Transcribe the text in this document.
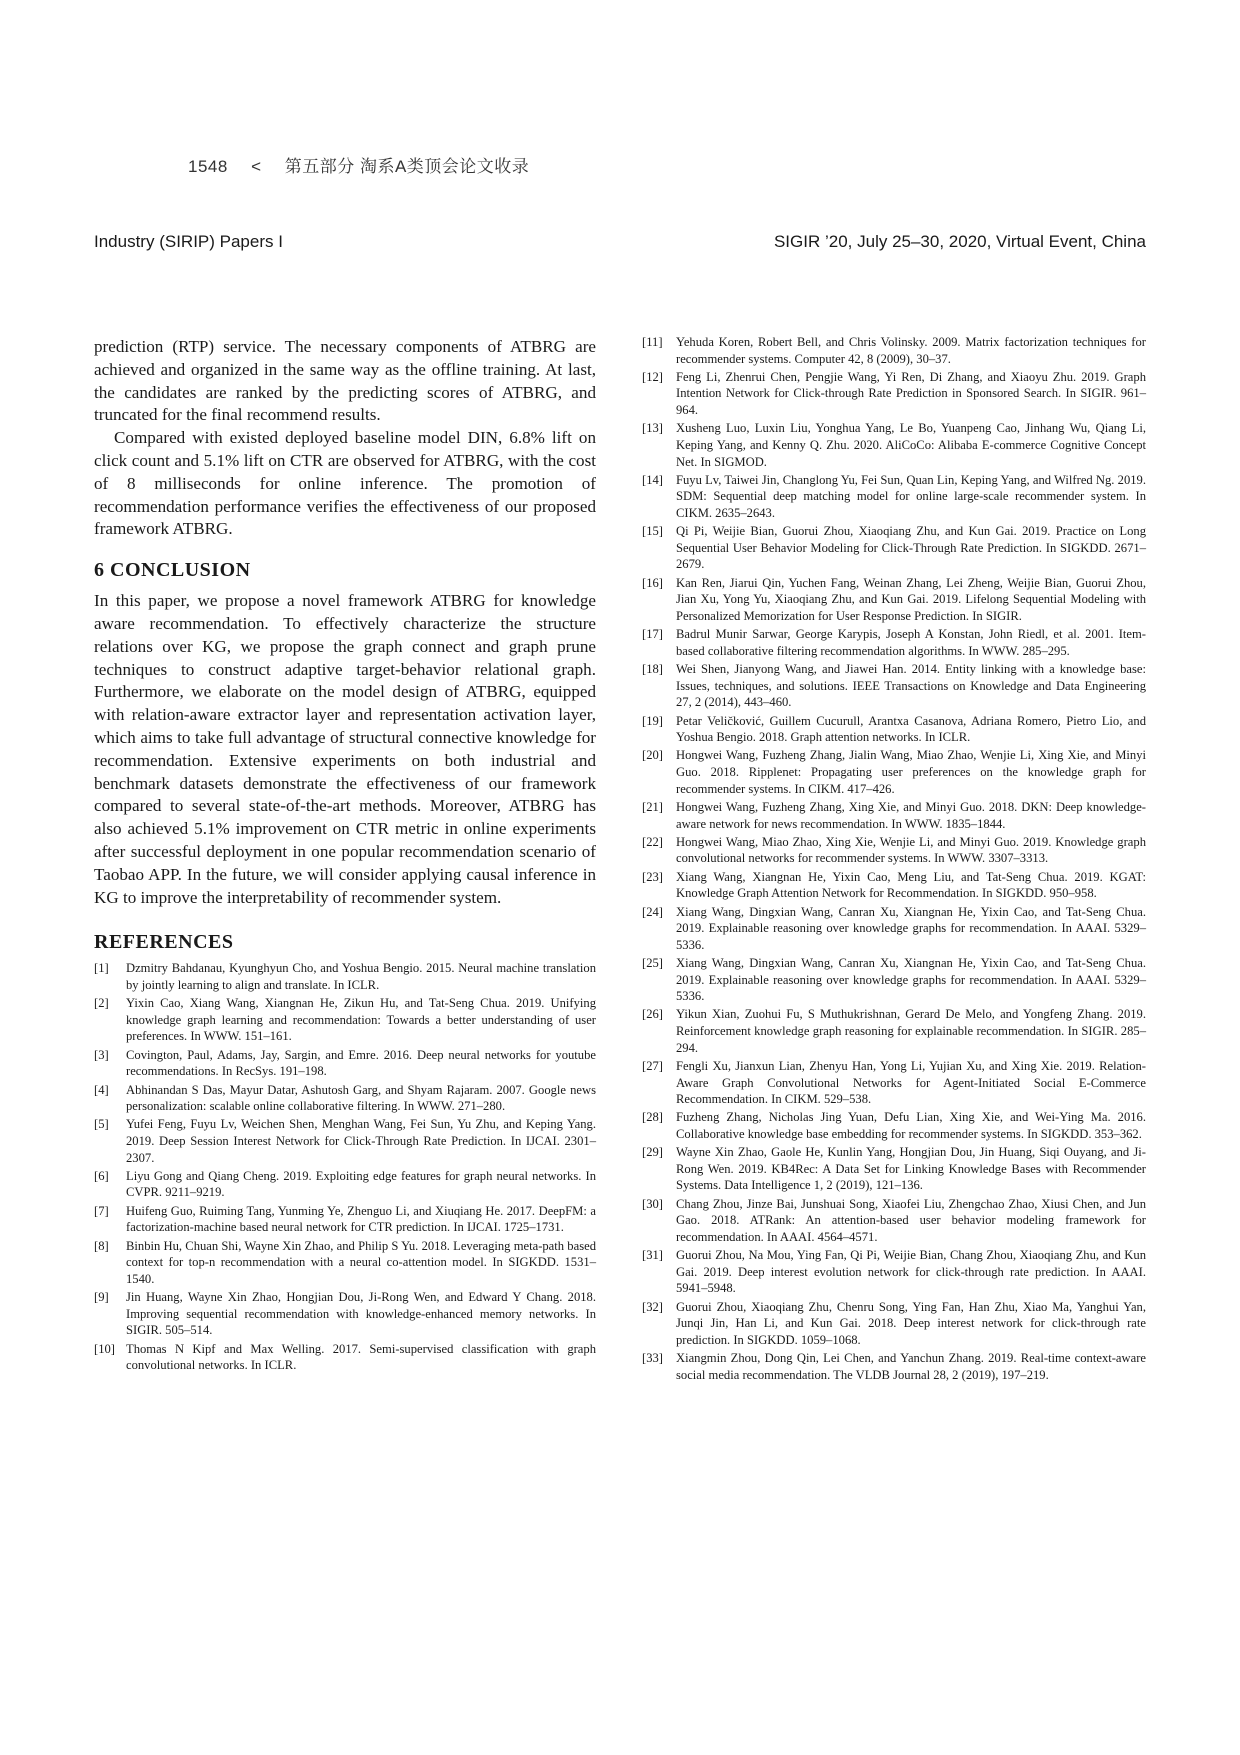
1548 < 第五部分 淘系A类顶会论文收录
Industry (SIRIP) Papers I	SIGIR ’20, July 25–30, 2020, Virtual Event, China

prediction (RTP) service. The necessary components of ATBRG are achieved and organized in the same way as the offline training. At last, the candidates are ranked by the predicting scores of ATBRG, and truncated for the final recommend results.

Compared with existed deployed baseline model DIN, 6.8% lift on click count and 5.1% lift on CTR are observed for ATBRG, with the cost of 8 milliseconds for online inference. The promotion of recommendation performance verifies the effectiveness of our proposed framework ATBRG.

6 CONCLUSION

In this paper, we propose a novel framework ATBRG for knowledge aware recommendation. To effectively characterize the structure relations over KG, we propose the graph connect and graph prune techniques to construct adaptive target-behavior relational graph. Furthermore, we elaborate on the model design of ATBRG, equipped with relation-aware extractor layer and representation activation layer, which aims to take full advantage of structural connective knowledge for recommendation. Extensive experiments on both industrial and benchmark datasets demonstrate the effectiveness of our framework compared to several state-of-the-art methods. Moreover, ATBRG has also achieved 5.1% improvement on CTR metric in online experiments after successful deployment in one popular recommendation scenario of Taobao APP. In the future, we will consider applying causal inference in KG to improve the interpretability of recommender system.

REFERENCES
[1]	Dzmitry Bahdanau, Kyunghyun Cho, and Yoshua Bengio. 2015. Neural machine translation by jointly learning to align and translate. In ICLR.
[2]	Yixin Cao, Xiang Wang, Xiangnan He, Zikun Hu, and Tat-Seng Chua. 2019. Unifying knowledge graph learning and recommendation: Towards a better understanding of user preferences. In WWW. 151–161.
[3]	Covington, Paul, Adams, Jay, Sargin, and Emre. 2016. Deep neural networks for youtube recommendations. In RecSys. 191–198.
[4]	Abhinandan S Das, Mayur Datar, Ashutosh Garg, and Shyam Rajaram. 2007. Google news personalization: scalable online collaborative filtering. In WWW. 271–280.
[5]	Yufei Feng, Fuyu Lv, Weichen Shen, Menghan Wang, Fei Sun, Yu Zhu, and Keping Yang. 2019. Deep Session Interest Network for Click-Through Rate Prediction. In IJCAI. 2301–2307.
[6]	Liyu Gong and Qiang Cheng. 2019. Exploiting edge features for graph neural networks. In CVPR. 9211–9219.
[7]	Huifeng Guo, Ruiming Tang, Yunming Ye, Zhenguo Li, and Xiuqiang He. 2017. DeepFM: a factorization-machine based neural network for CTR prediction. In IJCAI. 1725–1731.
[8]	Binbin Hu, Chuan Shi, Wayne Xin Zhao, and Philip S Yu. 2018. Leveraging meta-path based context for top-n recommendation with a neural co-attention model. In SIGKDD. 1531–1540.
[9]	Jin Huang, Wayne Xin Zhao, Hongjian Dou, Ji-Rong Wen, and Edward Y Chang. 2018. Improving sequential recommendation with knowledge-enhanced memory networks. In SIGIR. 505–514.
[10] Thomas N Kipf and Max Welling. 2017. Semi-supervised classification with graph convolutional networks. In ICLR.
[11]	Yehuda Koren, Robert Bell, and Chris Volinsky. 2009. Matrix factorization techniques for recommender systems. Computer 42, 8 (2009), 30–37.
[12]	Feng Li, Zhenrui Chen, Pengjie Wang, Yi Ren, Di Zhang, and Xiaoyu Zhu. 2019. Graph Intention Network for Click-through Rate Prediction in Sponsored Search. In SIGIR. 961–964.
[13]	Xusheng Luo, Luxin Liu, Yonghua Yang, Le Bo, Yuanpeng Cao, Jinhang Wu, Qiang Li, Keping Yang, and Kenny Q. Zhu. 2020. AliCoCo: Alibaba E-commerce Cognitive Concept Net. In SIGMOD.
[14]	Fuyu Lv, Taiwei Jin, Changlong Yu, Fei Sun, Quan Lin, Keping Yang, and Wilfred Ng. 2019. SDM: Sequential deep matching model for online large-scale recommender system. In CIKM. 2635–2643.
[15]	Qi Pi, Weijie Bian, Guorui Zhou, Xiaoqiang Zhu, and Kun Gai. 2019. Practice on Long Sequential User Behavior Modeling for Click-Through Rate Prediction. In SIGKDD. 2671–2679.
[16]	Kan Ren, Jiarui Qin, Yuchen Fang, Weinan Zhang, Lei Zheng, Weijie Bian, Guorui Zhou, Jian Xu, Yong Yu, Xiaoqiang Zhu, and Kun Gai. 2019. Lifelong Sequential Modeling with Personalized Memorization for User Response Prediction. In SIGIR.
[17]	Badrul Munir Sarwar, George Karypis, Joseph A Konstan, John Riedl, et al. 2001. Item-based collaborative filtering recommendation algorithms. In WWW. 285–295.
[18]	Wei Shen, Jianyong Wang, and Jiawei Han. 2014. Entity linking with a knowledge base: Issues, techniques, and solutions. IEEE Transactions on Knowledge and Data Engineering 27, 2 (2014), 443–460.
[19]	Petar Veličković, Guillem Cucurull, Arantxa Casanova, Adriana Romero, Pietro Lio, and Yoshua Bengio. 2018. Graph attention networks. In ICLR.
[20]	Hongwei Wang, Fuzheng Zhang, Jialin Wang, Miao Zhao, Wenjie Li, Xing Xie, and Minyi Guo. 2018. Ripplenet: Propagating user preferences on the knowledge graph for recommender systems. In CIKM. 417–426.
[21]	Hongwei Wang, Fuzheng Zhang, Xing Xie, and Minyi Guo. 2018. DKN: Deep knowledge-aware network for news recommendation. In WWW. 1835–1844.
[22]	Hongwei Wang, Miao Zhao, Xing Xie, Wenjie Li, and Minyi Guo. 2019. Knowledge graph convolutional networks for recommender systems. In WWW. 3307–3313.
[23]	Xiang Wang, Xiangnan He, Yixin Cao, Meng Liu, and Tat-Seng Chua. 2019. KGAT: Knowledge Graph Attention Network for Recommendation. In SIGKDD. 950–958.
[24]	Xiang Wang, Dingxian Wang, Canran Xu, Xiangnan He, Yixin Cao, and Tat-Seng Chua. 2019. Explainable reasoning over knowledge graphs for recommendation. In AAAI. 5329–5336.
[25]	Xiang Wang, Dingxian Wang, Canran Xu, Xiangnan He, Yixin Cao, and Tat-Seng Chua. 2019. Explainable reasoning over knowledge graphs for recommendation. In AAAI. 5329–5336.
[26]	Yikun Xian, Zuohui Fu, S Muthukrishnan, Gerard De Melo, and Yongfeng Zhang. 2019. Reinforcement knowledge graph reasoning for explainable recommendation. In SIGIR. 285–294.
[27]	Fengli Xu, Jianxun Lian, Zhenyu Han, Yong Li, Yujian Xu, and Xing Xie. 2019. Relation-Aware Graph Convolutional Networks for Agent-Initiated Social E-Commerce Recommendation. In CIKM. 529–538.
[28]	Fuzheng Zhang, Nicholas Jing Yuan, Defu Lian, Xing Xie, and Wei-Ying Ma. 2016. Collaborative knowledge base embedding for recommender systems. In SIGKDD. 353–362.
[29]	Wayne Xin Zhao, Gaole He, Kunlin Yang, Hongjian Dou, Jin Huang, Siqi Ouyang, and Ji-Rong Wen. 2019. KB4Rec: A Data Set for Linking Knowledge Bases with Recommender Systems. Data Intelligence 1, 2 (2019), 121–136.
[30]	Chang Zhou, Jinze Bai, Junshuai Song, Xiaofei Liu, Zhengchao Zhao, Xiusi Chen, and Jun Gao. 2018. ATRank: An attention-based user behavior modeling framework for recommendation. In AAAI. 4564–4571.
[31]	Guorui Zhou, Na Mou, Ying Fan, Qi Pi, Weijie Bian, Chang Zhou, Xiaoqiang Zhu, and Kun Gai. 2019. Deep interest evolution network for click-through rate prediction. In AAAI. 5941–5948.
[32]	Guorui Zhou, Xiaoqiang Zhu, Chenru Song, Ying Fan, Han Zhu, Xiao Ma, Yanghui Yan, Junqi Jin, Han Li, and Kun Gai. 2018. Deep interest network for click-through rate prediction. In SIGKDD. 1059–1068.
[33]	Xiangmin Zhou, Dong Qin, Lei Chen, and Yanchun Zhang. 2019. Real-time context-aware social media recommendation. The VLDB Journal 28, 2 (2019), 197–219.
